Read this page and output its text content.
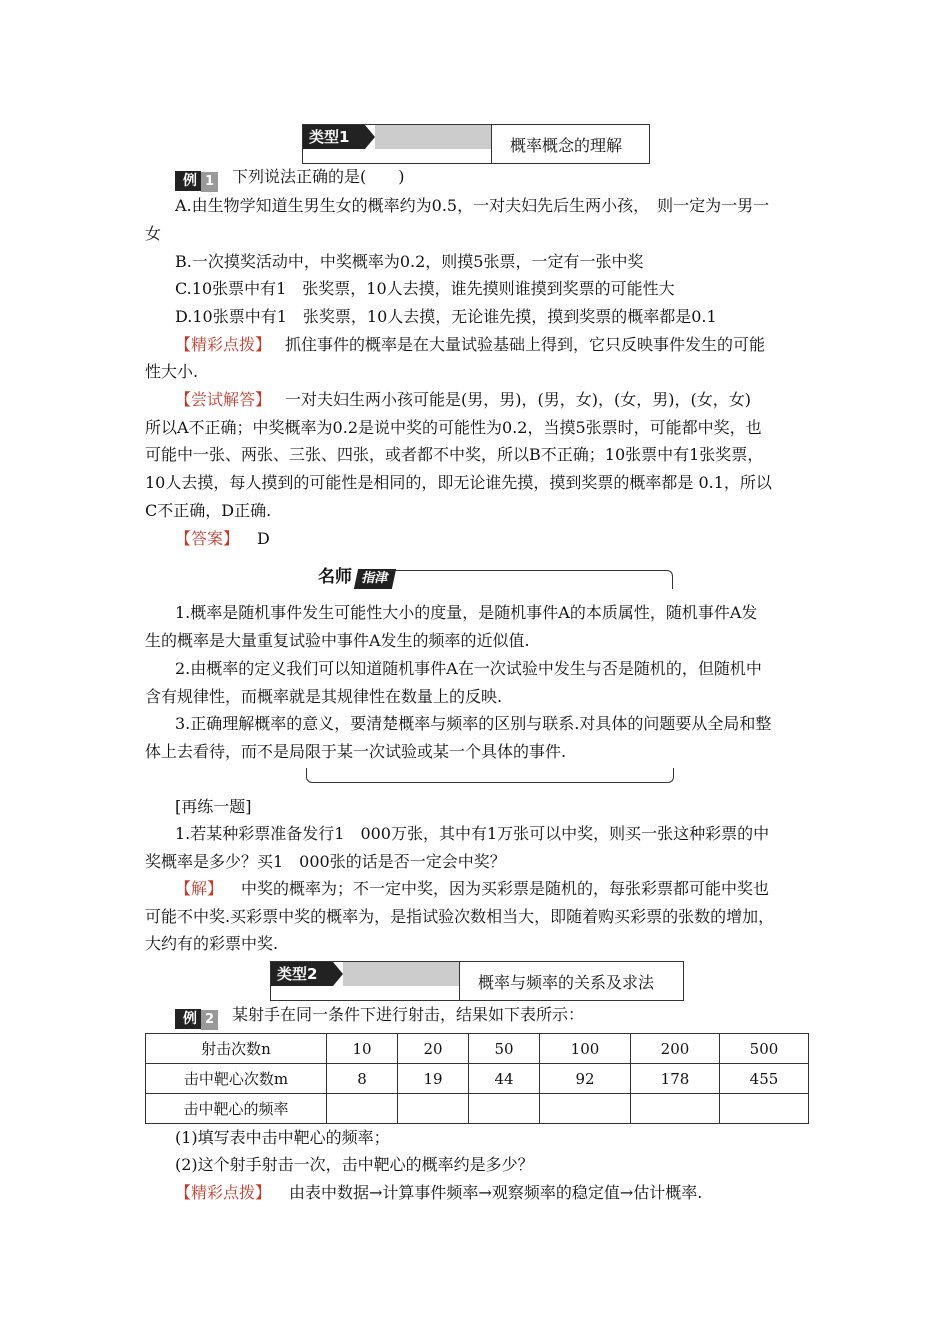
类型1	概率概念的理解
例 1 下列说法正确的是(　　)
A.由生物学知道生男生女的概率约为0.5，一对夫妇先后生两小孩，　则一定为一男一
女
B.一次摸奖活动中，中奖概率为0.2，则摸5张票，一定有一张中奖
C.10张票中有1　张奖票，10人去摸，谁先摸则谁摸到奖票的可能性大
D.10张票中有1　张奖票，10人去摸，无论谁先摸，摸到奖票的概率都是0.1
【精彩点拨】 抓住事件的概率是在大量试验基础上得到，它只反映事件发生的可能
性大小.
【尝试解答】 一对夫妇生两小孩可能是(男，男)，(男，女)，(女，男)，(女，女)
所以A不正确；中奖概率为0.2是说中奖的可能性为0.2，当摸5张票时，可能都中奖，也
可能中一张、两张、三张、四张，或者都不中奖，所以B不正确；10张票中有1张奖票，
10人去摸，每人摸到的可能性是相同的，即无论谁先摸，摸到奖票的概率都是 0.1，所以
C不正确，D正确.
【答案】 D
名师 指津
1.概率是随机事件发生可能性大小的度量，是随机事件A的本质属性，随机事件A发
生的概率是大量重复试验中事件A发生的频率的近似值.
2.由概率的定义我们可以知道随机事件A在一次试验中发生与否是随机的，但随机中
含有规律性，而概率就是其规律性在数量上的反映.
3.正确理解概率的意义，要清楚概率与频率的区别与联系.对具体的问题要从全局和整
体上去看待，而不是局限于某一次试验或某一个具体的事件.
[再练一题]
1.若某种彩票准备发行1　000万张，其中有1万张可以中奖，则买一张这种彩票的中
奖概率是多少？买1　000张的话是否一定会中奖？
【解】 中奖的概率为；不一定中奖，因为买彩票是随机的，每张彩票都可能中奖也
可能不中奖.买彩票中奖的概率为，是指试验次数相当大，即随着购买彩票的张数的增加，
大约有的彩票中奖.
类型2	概率与频率的关系及求法
例 2 某射手在同一条件下进行射击，结果如下表所示：
射击次数n	10	20	50	100	200	500
击中靶心次数m	8	19	44	92	178	455
击中靶心的频率						
(1)填写表中击中靶心的频率；
(2)这个射手射击一次，击中靶心的概率约是多少？
【精彩点拨】 由表中数据→计算事件频率→观察频率的稳定值→估计概率.
